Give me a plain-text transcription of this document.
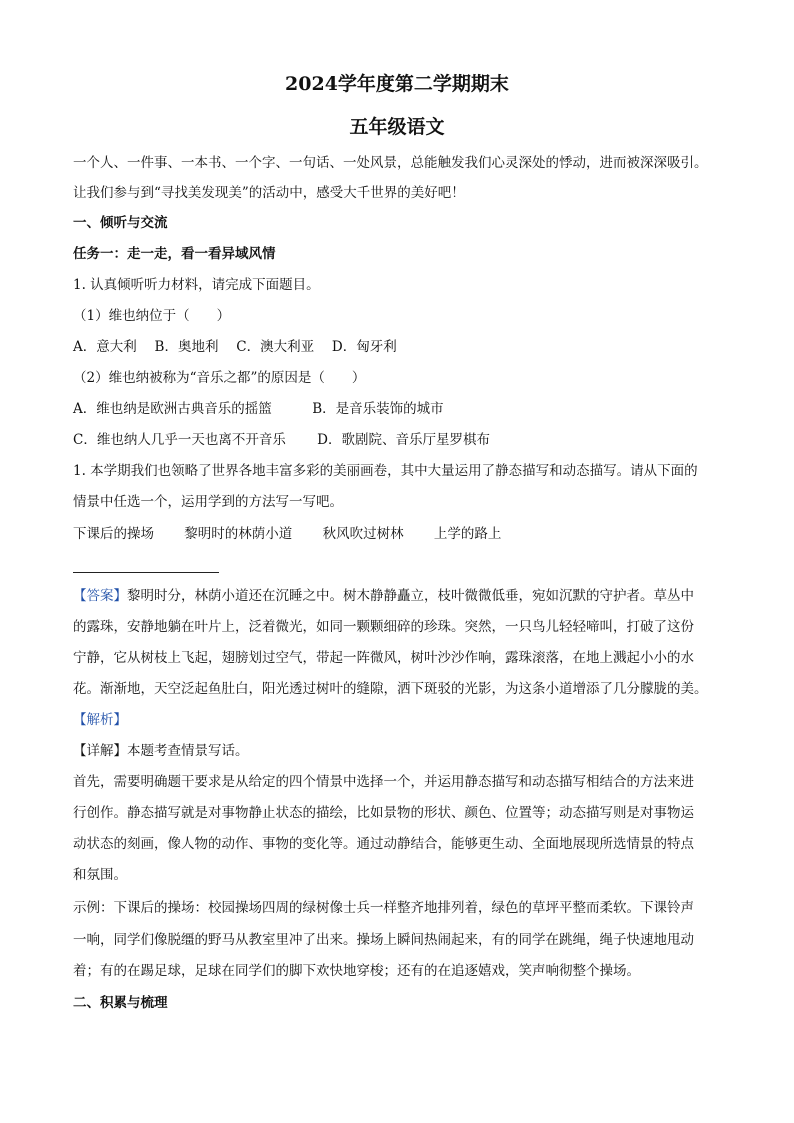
2024学年度第二学期期末
五年级语文
一个人、一件事、一本书、一个字、一句话、一处风景，总能触发我们心灵深处的悸动，进而被深深吸引。
让我们参与到“寻找美发现美”的活动中，感受大千世界的美好吧！
一、倾听与交流
任务一：走一走，看一看异域风情
1. 认真倾听听力材料，请完成下面题目。
（1）维也纳位于（　　）
A．意大利　 B．奥地利　 C．澳大利亚　 D．匈牙利
（2）维也纳被称为“音乐之都”的原因是（　　）
A．维也纳是欧洲古典音乐的摇篮　　　B．是音乐装饰的城市
C．维也纳人几乎一天也离不开音乐　　 D．歌剧院、音乐厅星罗棋布
1. 本学期我们也领略了世界各地丰富多彩的美丽画卷，其中大量运用了静态描写和动态描写。请从下面的
情景中任选一个，运用学到的方法写一写吧。
下课后的操场 黎明时的林荫小道 秋风吹过树林 上学的路上
【答案】黎明时分，林荫小道还在沉睡之中。树木静静矗立，枝叶微微低垂，宛如沉默的守护者。草丛中
的露珠，安静地躺在叶片上，泛着微光，如同一颗颗细碎的珍珠。突然，一只鸟儿轻轻啼叫，打破了这份
宁静，它从树枝上飞起，翅膀划过空气，带起一阵微风，树叶沙沙作响，露珠滚落，在地上溅起小小的水
花。渐渐地，天空泛起鱼肚白，阳光透过树叶的缝隙，洒下斑驳的光影，为这条小道增添了几分朦胧的美。
【解析】
【详解】本题考查情景写话。
首先，需要明确题干要求是从给定的四个情景中选择一个，并运用静态描写和动态描写相结合的方法来进
行创作。静态描写就是对事物静止状态的描绘，比如景物的形状、颜色、位置等；动态描写则是对事物运
动状态的刻画，像人物的动作、事物的变化等。通过动静结合，能够更生动、全面地展现所选情景的特点
和氛围。
示例：下课后的操场：校园操场四周的绿树像士兵一样整齐地排列着，绿色的草坪平整而柔软。下课铃声
一响，同学们像脱缰的野马从教室里冲了出来。操场上瞬间热闹起来，有的同学在跳绳，绳子快速地甩动
着；有的在踢足球，足球在同学们的脚下欢快地穿梭；还有的在追逐嬉戏，笑声响彻整个操场。
二、积累与梳理
